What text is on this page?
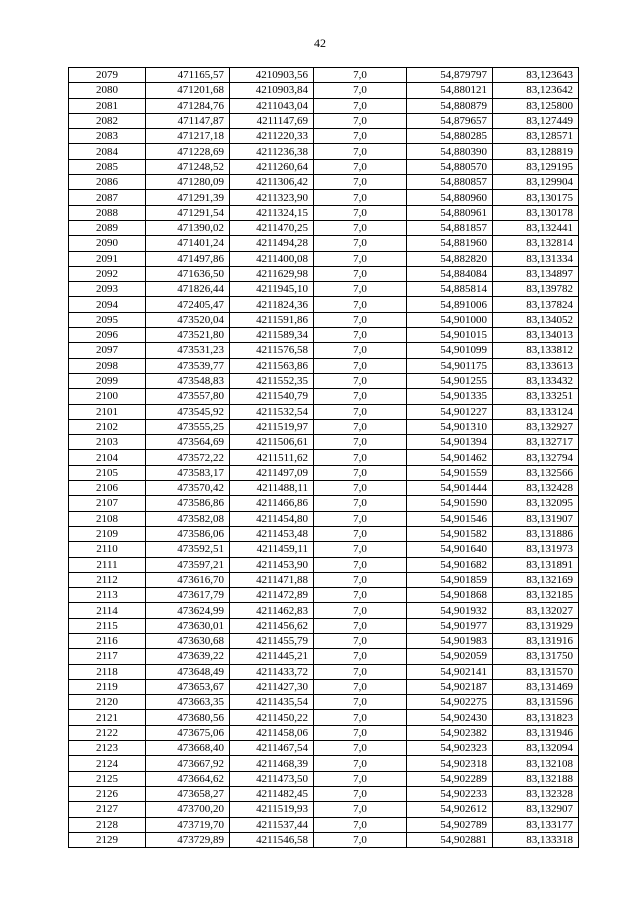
42
2079	471165,57	4210903,56	7,0	54,879797	83,123643
2080	471201,68	4210903,84	7,0	54,880121	83,123642
2081	471284,76	4211043,04	7,0	54,880879	83,125800
2082	471147,87	4211147,69	7,0	54,879657	83,127449
2083	471217,18	4211220,33	7,0	54,880285	83,128571
2084	471228,69	4211236,38	7,0	54,880390	83,128819
2085	471248,52	4211260,64	7,0	54,880570	83,129195
2086	471280,09	4211306,42	7,0	54,880857	83,129904
2087	471291,39	4211323,90	7,0	54,880960	83,130175
2088	471291,54	4211324,15	7,0	54,880961	83,130178
2089	471390,02	4211470,25	7,0	54,881857	83,132441
2090	471401,24	4211494,28	7,0	54,881960	83,132814
2091	471497,86	4211400,08	7,0	54,882820	83,131334
2092	471636,50	4211629,98	7,0	54,884084	83,134897
2093	471826,44	4211945,10	7,0	54,885814	83,139782
2094	472405,47	4211824,36	7,0	54,891006	83,137824
2095	473520,04	4211591,86	7,0	54,901000	83,134052
2096	473521,80	4211589,34	7,0	54,901015	83,134013
2097	473531,23	4211576,58	7,0	54,901099	83,133812
2098	473539,77	4211563,86	7,0	54,901175	83,133613
2099	473548,83	4211552,35	7,0	54,901255	83,133432
2100	473557,80	4211540,79	7,0	54,901335	83,133251
2101	473545,92	4211532,54	7,0	54,901227	83,133124
2102	473555,25	4211519,97	7,0	54,901310	83,132927
2103	473564,69	4211506,61	7,0	54,901394	83,132717
2104	473572,22	4211511,62	7,0	54,901462	83,132794
2105	473583,17	4211497,09	7,0	54,901559	83,132566
2106	473570,42	4211488,11	7,0	54,901444	83,132428
2107	473586,86	4211466,86	7,0	54,901590	83,132095
2108	473582,08	4211454,80	7,0	54,901546	83,131907
2109	473586,06	4211453,48	7,0	54,901582	83,131886
2110	473592,51	4211459,11	7,0	54,901640	83,131973
2111	473597,21	4211453,90	7,0	54,901682	83,131891
2112	473616,70	4211471,88	7,0	54,901859	83,132169
2113	473617,79	4211472,89	7,0	54,901868	83,132185
2114	473624,99	4211462,83	7,0	54,901932	83,132027
2115	473630,01	4211456,62	7,0	54,901977	83,131929
2116	473630,68	4211455,79	7,0	54,901983	83,131916
2117	473639,22	4211445,21	7,0	54,902059	83,131750
2118	473648,49	4211433,72	7,0	54,902141	83,131570
2119	473653,67	4211427,30	7,0	54,902187	83,131469
2120	473663,35	4211435,54	7,0	54,902275	83,131596
2121	473680,56	4211450,22	7,0	54,902430	83,131823
2122	473675,06	4211458,06	7,0	54,902382	83,131946
2123	473668,40	4211467,54	7,0	54,902323	83,132094
2124	473667,92	4211468,39	7,0	54,902318	83,132108
2125	473664,62	4211473,50	7,0	54,902289	83,132188
2126	473658,27	4211482,45	7,0	54,902233	83,132328
2127	473700,20	4211519,93	7,0	54,902612	83,132907
2128	473719,70	4211537,44	7,0	54,902789	83,133177
2129	473729,89	4211546,58	7,0	54,902881	83,133318
